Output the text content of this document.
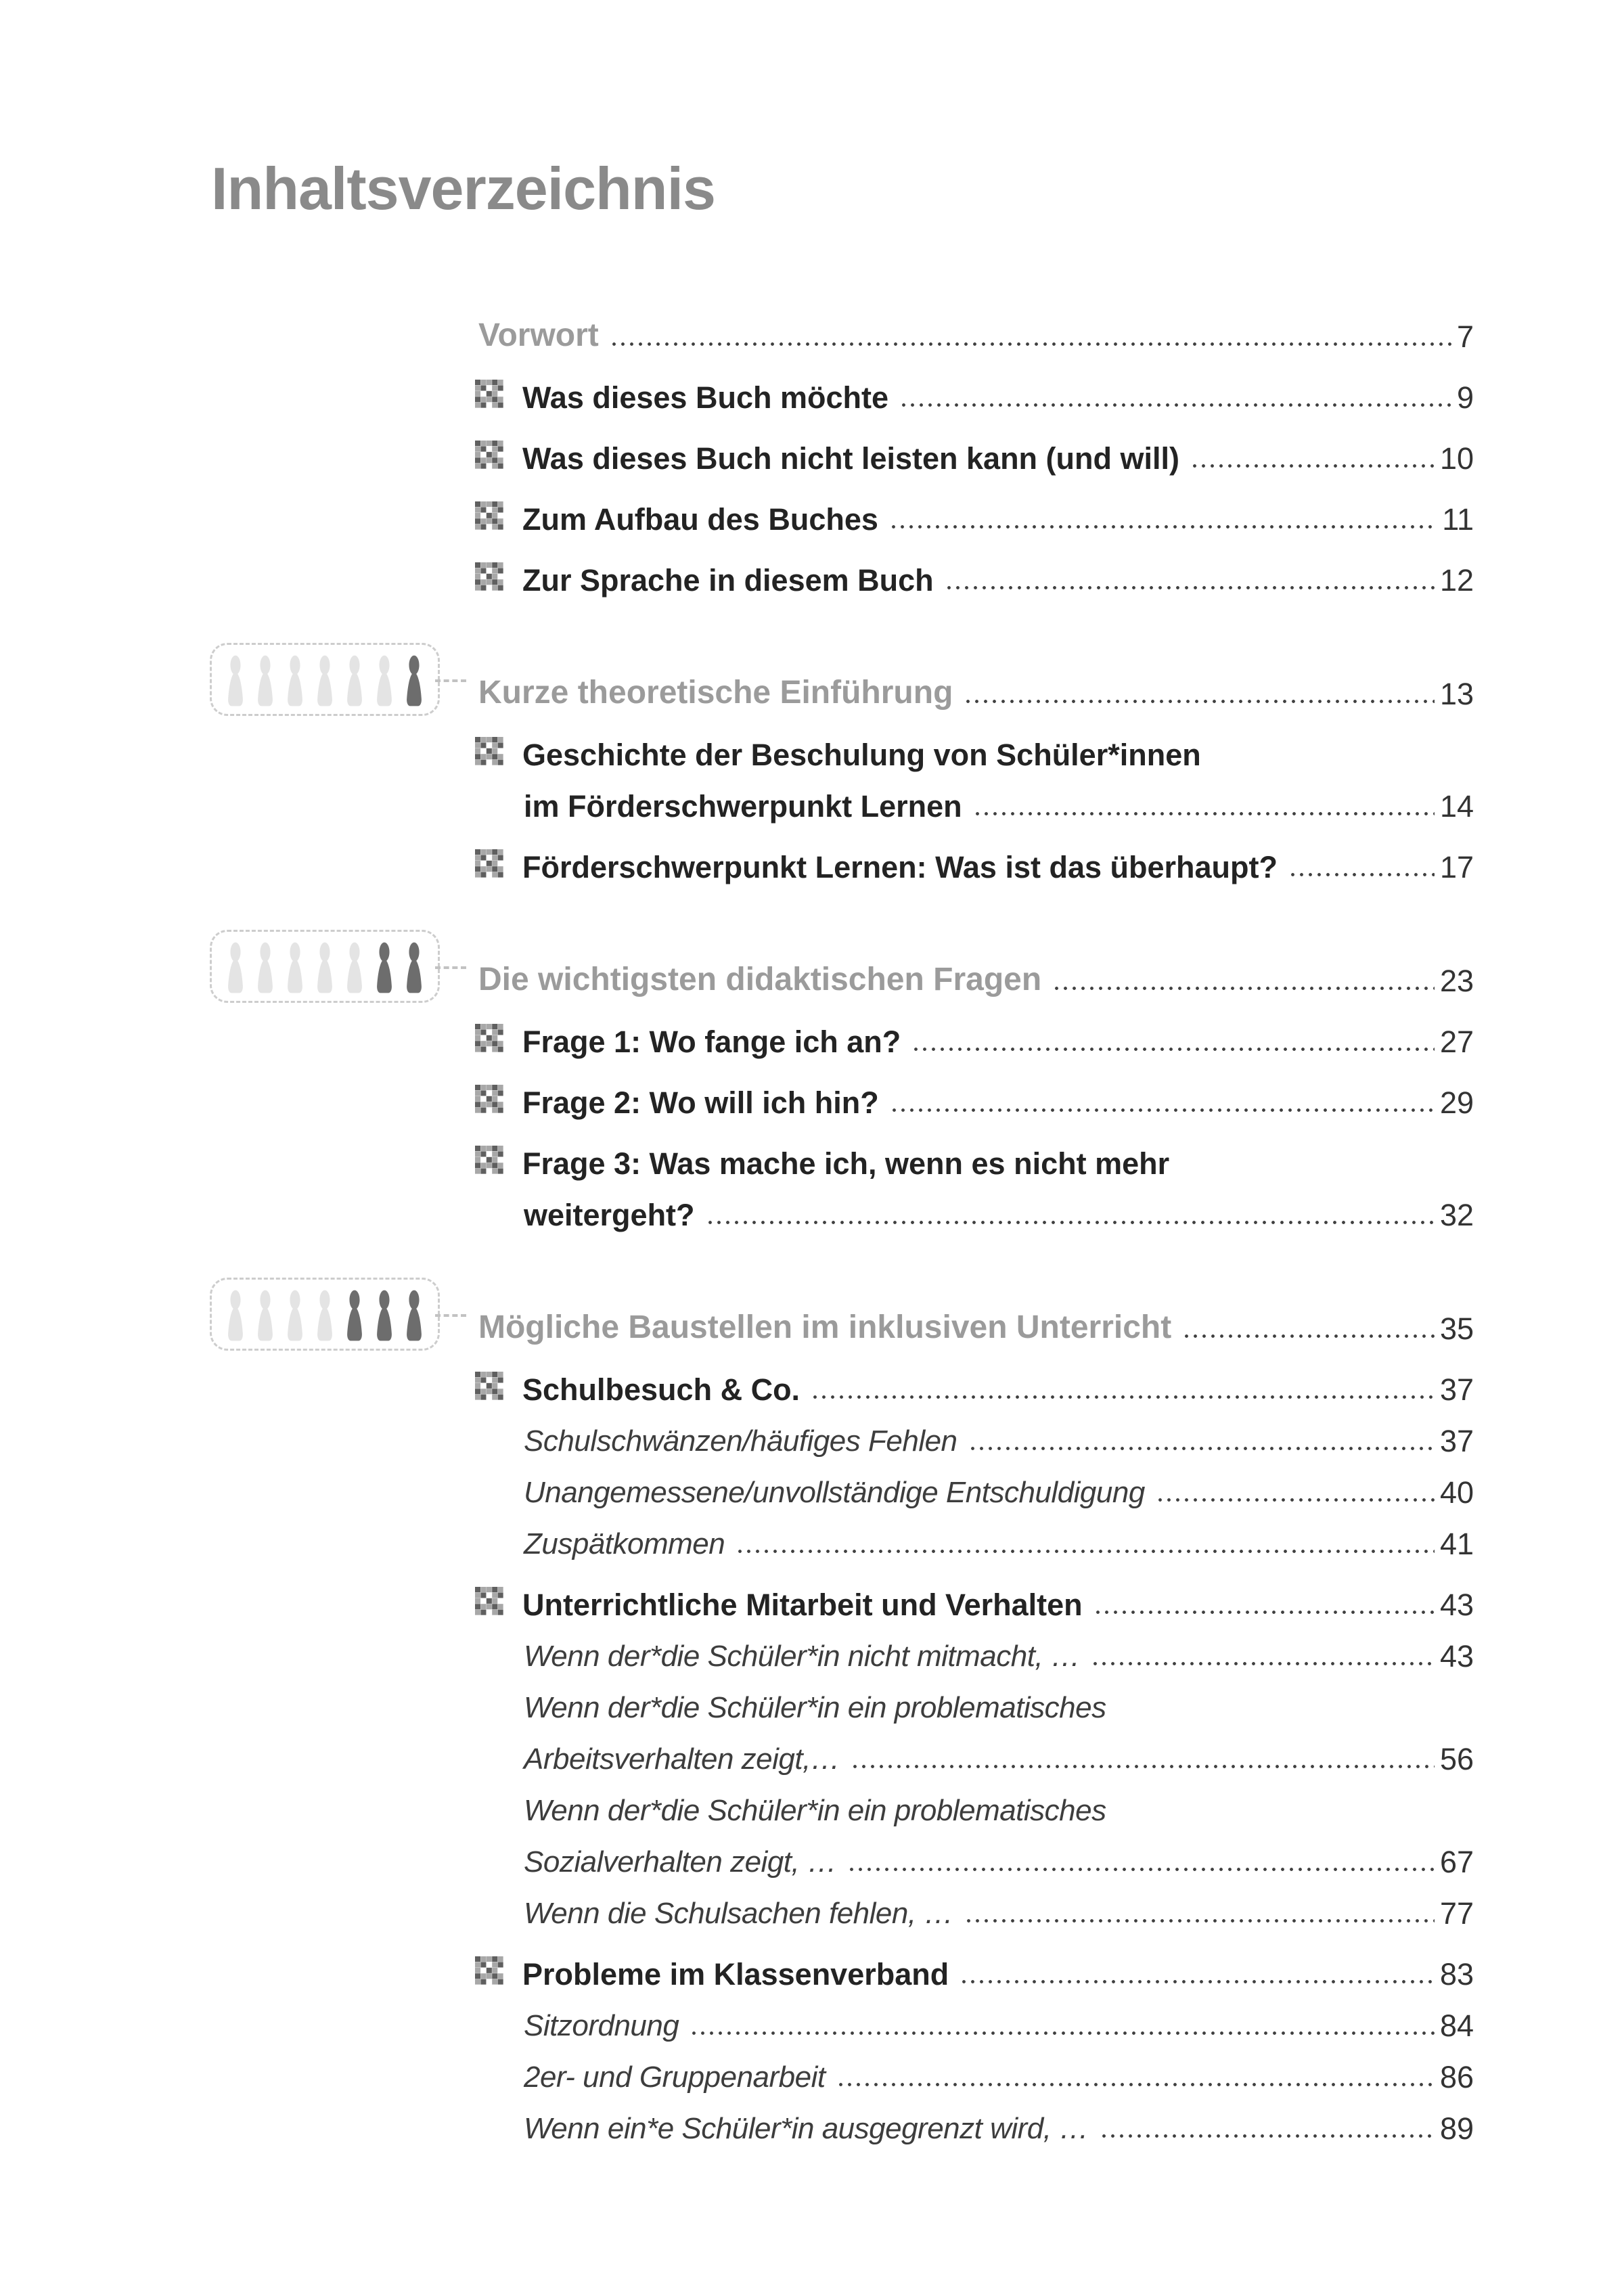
Inhaltsverzeichnis
Vorwort	7
Was dieses Buch möchte	9
Was dieses Buch nicht leisten kann (und will)	10
Zum Aufbau des Buches	11
Zur Sprache in diesem Buch	12
Kurze theoretische Einführung	13
Geschichte der Beschulung von Schüler*innen
im Förderschwerpunkt Lernen	14
Förderschwerpunkt Lernen: Was ist das überhaupt?	17
Die wichtigsten didaktischen Fragen	23
Frage 1: Wo fange ich an?	27
Frage 2: Wo will ich hin?	29
Frage 3: Was mache ich, wenn es nicht mehr
weitergeht?	32
Mögliche Baustellen im inklusiven Unterricht	35
Schulbesuch & Co.	37
Schulschwänzen/häufiges Fehlen	37
Unangemessene/unvollständige Entschuldigung	40
Zuspätkommen	41
Unterrichtliche Mitarbeit und Verhalten	43
Wenn der*die Schüler*in nicht mitmacht, …	43
Wenn der*die Schüler*in ein problematisches
Arbeitsverhalten zeigt,…	56
Wenn der*die Schüler*in ein problematisches
Sozialverhalten zeigt, …	67
Wenn die Schulsachen fehlen, …	77
Probleme im Klassenverband	83
Sitzordnung	84
2er- und Gruppenarbeit	86
Wenn ein*e Schüler*in ausgegrenzt wird, …	89
